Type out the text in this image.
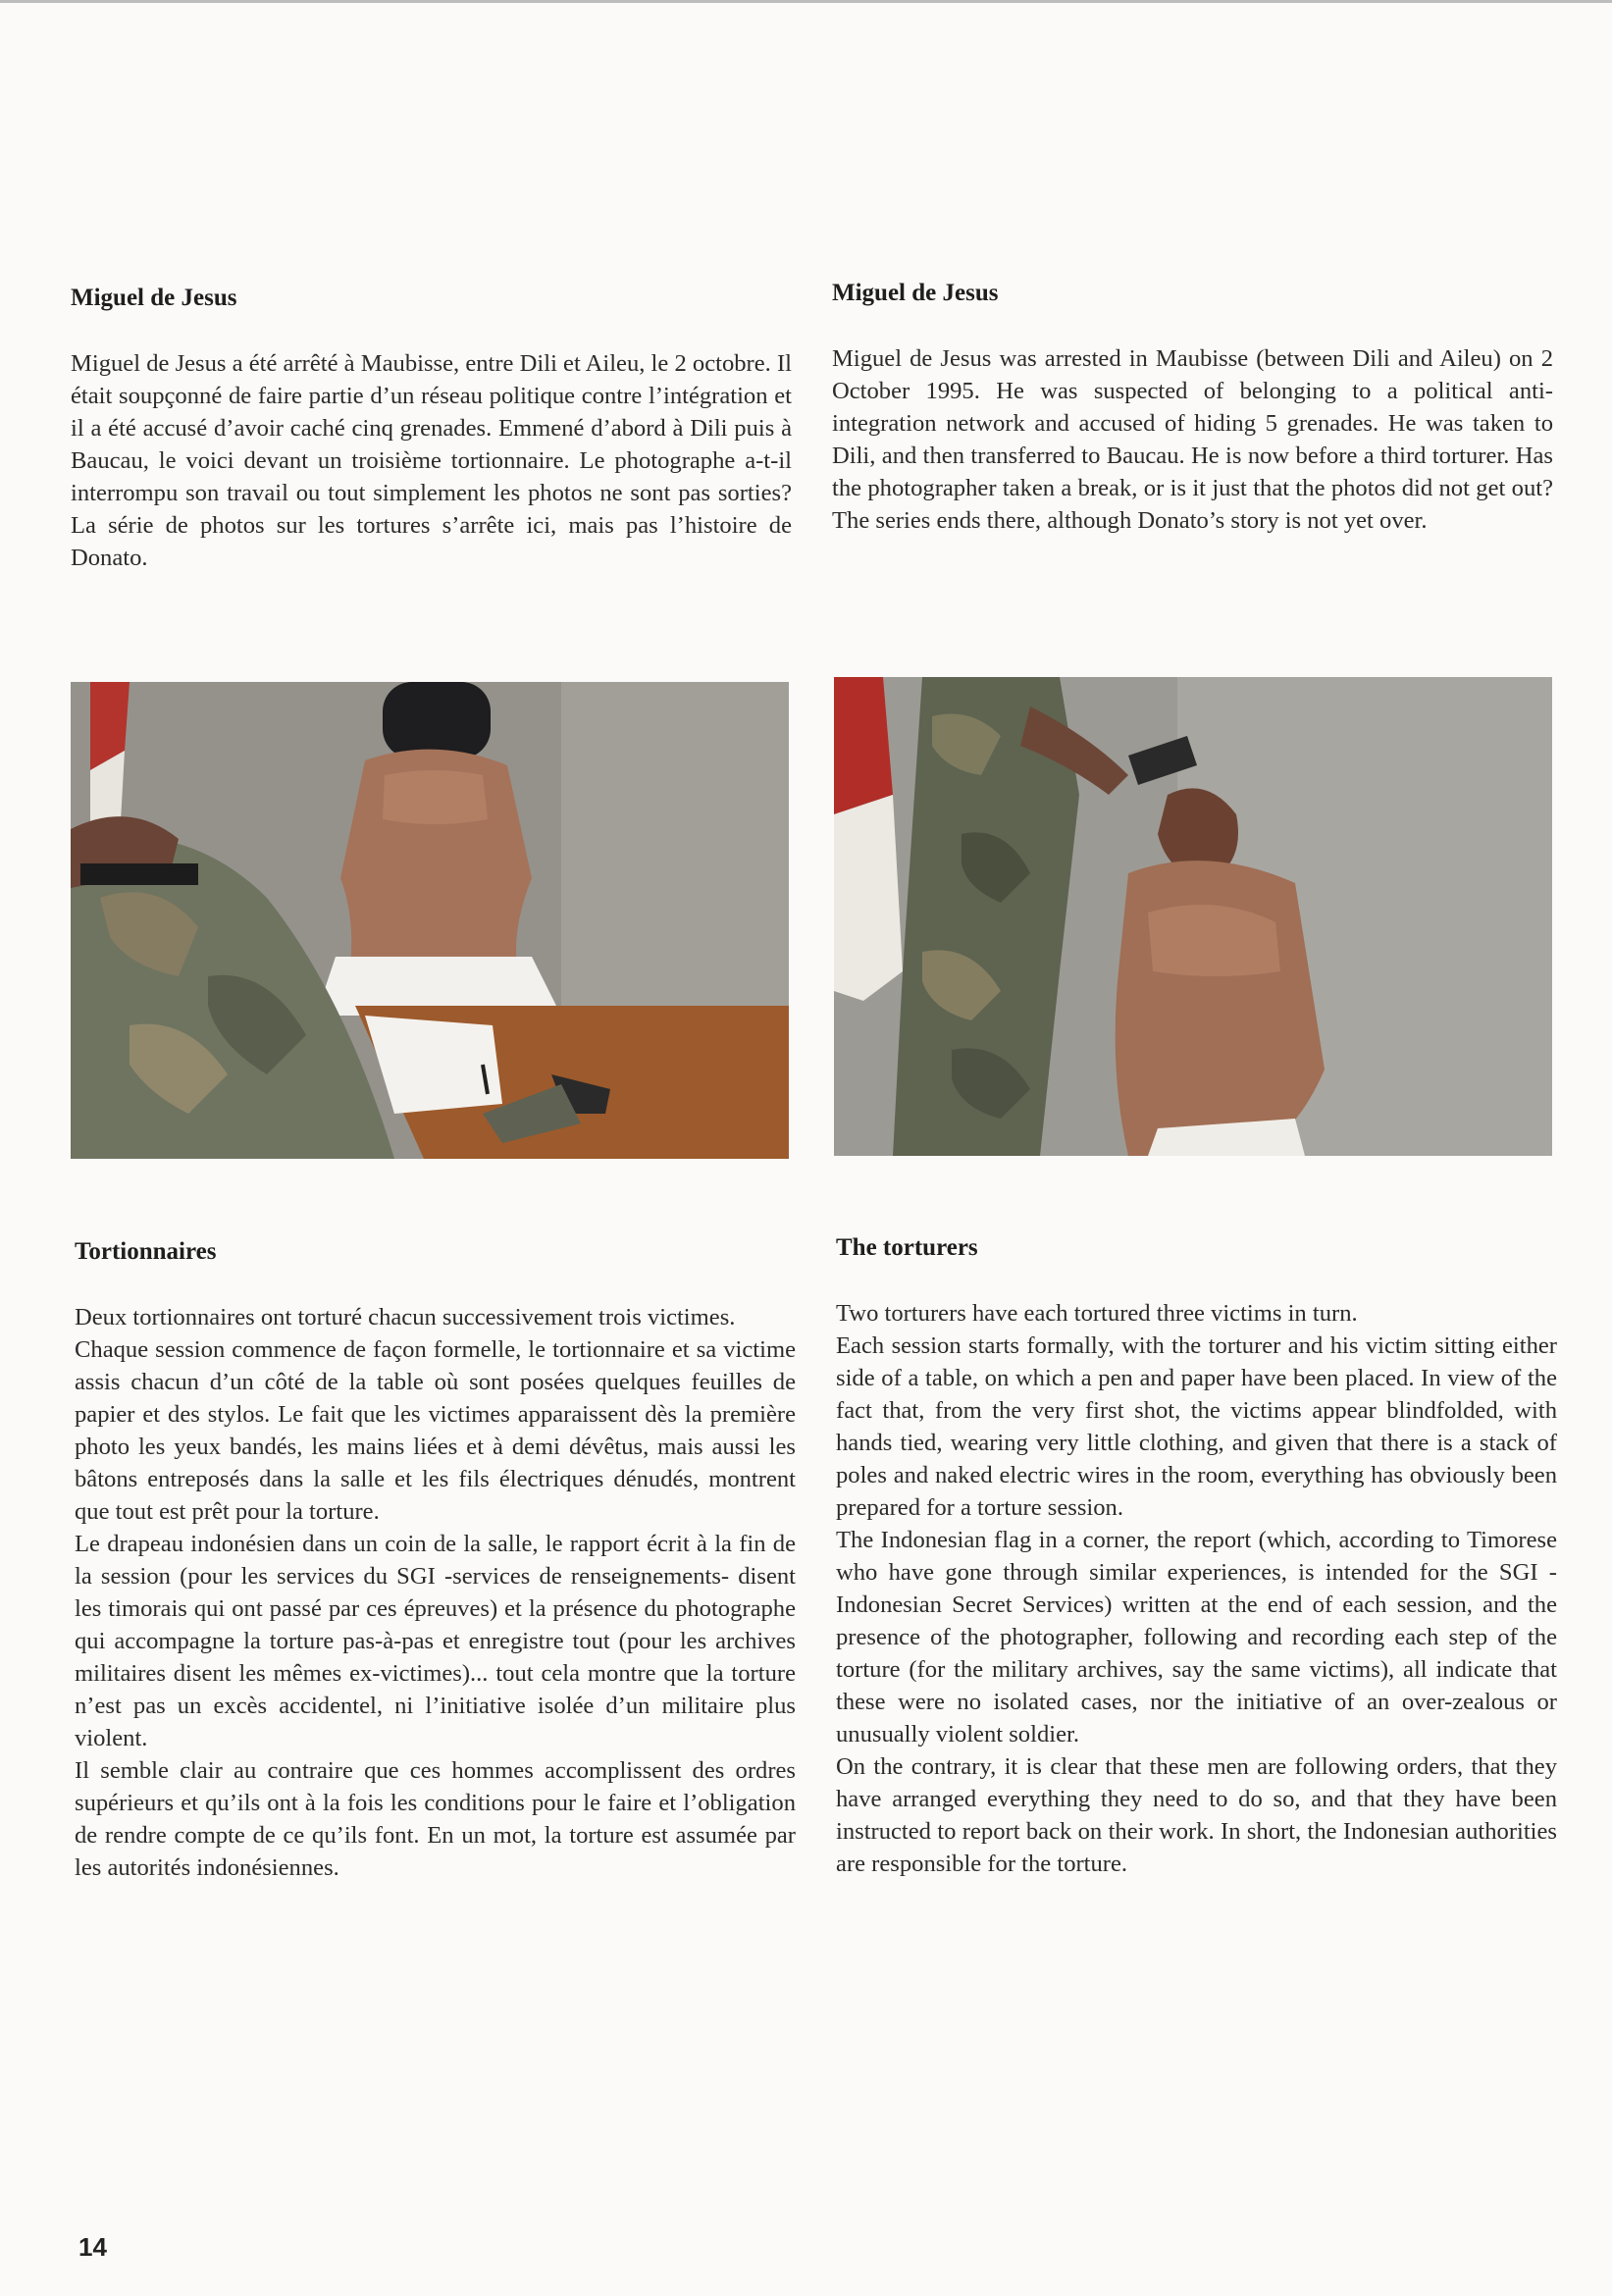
Miguel de Jesus

Miguel de Jesus a été arrêté à Maubisse, entre Dili et Aileu, le 2 octobre. Il était soupçonné de faire partie d’un réseau politique contre l’intégration et il a été accusé d’avoir caché cinq grenades. Emmené d’abord à Dili puis à Baucau, le voici devant un troisième tortionnaire. Le photographe a-t-il interrompu son travail ou tout simplement les photos ne sont pas sorties? La série de photos sur les tortures s’arrête ici, mais pas l’histoire de Donato.

Miguel de Jesus

Miguel de Jesus was arrested in Maubisse (between Dili and Aileu) on 2 October 1995. He was suspected of belonging to a political anti-integration network and accused of hiding 5 grenades. He was taken to Dili, and then transferred to Baucau. He is now before a third torturer. Has the photographer taken a break, or is it just that the photos did not get out? The series ends there, although Donato’s story is not yet over.

Tortionnaires

Deux tortionnaires ont torturé chacun successivement trois victimes.

Chaque session commence de façon formelle, le tortionnaire et sa victime assis chacun d’un côté de la table où sont posées quelques feuilles de papier et des stylos. Le fait que les victimes apparaissent dès la première photo les yeux bandés, les mains liées et à demi dévêtus, mais aussi les bâtons entreposés dans la salle et les fils électriques dénudés, montrent que tout est prêt pour la torture.

Le drapeau indonésien dans un coin de la salle, le rapport écrit à la fin de la session (pour les services du SGI -services de renseignements- disent les timorais qui ont passé par ces épreuves) et la présence du photographe qui accompagne la torture pas-à-pas et enregistre tout (pour les archives militaires disent les mêmes ex-victimes)... tout cela montre que la torture n’est pas un excès accidentel, ni l’initiative isolée d’un militaire plus violent.

Il semble clair au contraire que ces hommes accomplissent des ordres supérieurs et qu’ils ont à la fois les conditions pour le faire et l’obligation de rendre compte de ce qu’ils font. En un mot, la torture est assumée par les autorités indonésiennes.

The torturers

Two torturers have each tortured three victims in turn.

Each session starts formally, with the torturer and his victim sitting either side of a table, on which a pen and paper have been placed. In view of the fact that, from the very first shot, the victims appear blindfolded, with hands tied, wearing very little clothing, and given that there is a stack of poles and naked electric wires in the room, everything has obviously been prepared for a torture session.

The Indonesian flag in a corner, the report (which, according to Timorese who have gone through similar experiences, is intended for the SGI - Indonesian Secret Services) written at the end of each session, and the presence of the photographer, following and recording each step of the torture (for the military archives, say the same victims), all indicate that these were no isolated cases, nor the initiative of an over-zealous or unusually violent soldier.

On the contrary, it is clear that these men are following orders, that they have arranged everything they need to do so, and that they have been instructed to report back on their work. In short, the Indonesian authorities are responsible for the torture.

14
